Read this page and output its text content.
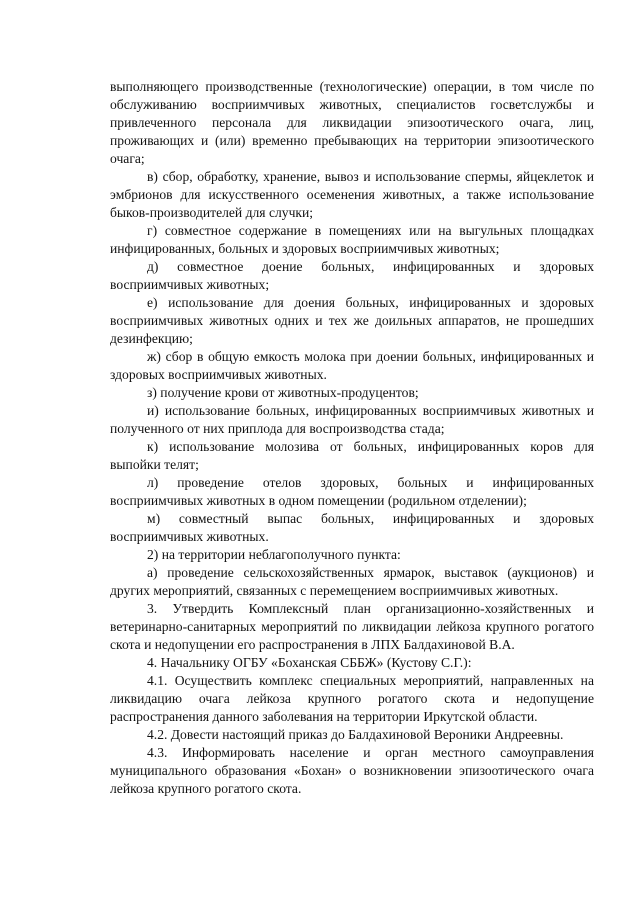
выполняющего производственные (технологические) операции, в том числе по обслуживанию восприимчивых животных, специалистов госветслужбы и привлеченного персонала для ликвидации эпизоотического очага, лиц, проживающих и (или) временно пребывающих на территории эпизоотического очага;

в) сбор, обработку, хранение, вывоз и использование спермы, яйцеклеток и эмбрионов для искусственного осеменения животных, а также использование быков-производителей для случки;

г) совместное содержание в помещениях или на выгульных площадках инфицированных, больных и здоровых восприимчивых животных;

д) совместное доение больных, инфицированных и здоровых восприимчивых животных;

е) использование для доения больных, инфицированных и здоровых восприимчивых животных одних и тех же доильных аппаратов, не прошедших дезинфекцию;

ж) сбор в общую емкость молока при доении больных, инфицированных и здоровых восприимчивых животных.

з) получение крови от животных-продуцентов;

и) использование больных, инфицированных восприимчивых животных и полученного от них приплода для воспроизводства стада;

к) использование молозива от больных, инфицированных коров для выпойки телят;

л) проведение отелов здоровых, больных и инфицированных восприимчивых животных в одном помещении (родильном отделении);

м) совместный выпас больных, инфицированных и здоровых восприимчивых животных.

2) на территории неблагополучного пункта:

а) проведение сельскохозяйственных ярмарок, выставок (аукционов) и других мероприятий, связанных с перемещением восприимчивых животных.

3. Утвердить Комплексный план организационно-хозяйственных и ветеринарно-санитарных мероприятий по ликвидации лейкоза крупного рогатого скота и недопущении его распространения в ЛПХ Балдахиновой В.А.

4. Начальнику ОГБУ «Боханская СББЖ» (Кустову С.Г.):

4.1. Осуществить комплекс специальных мероприятий, направленных на ликвидацию очага лейкоза крупного рогатого скота и недопущение распространения данного заболевания на территории Иркутской области.

4.2. Довести настоящий приказ до Балдахиновой Вероники Андреевны.

4.3. Информировать население и орган местного самоуправления муниципального образования «Бохан» о возникновении эпизоотического очага лейкоза крупного рогатого скота.
